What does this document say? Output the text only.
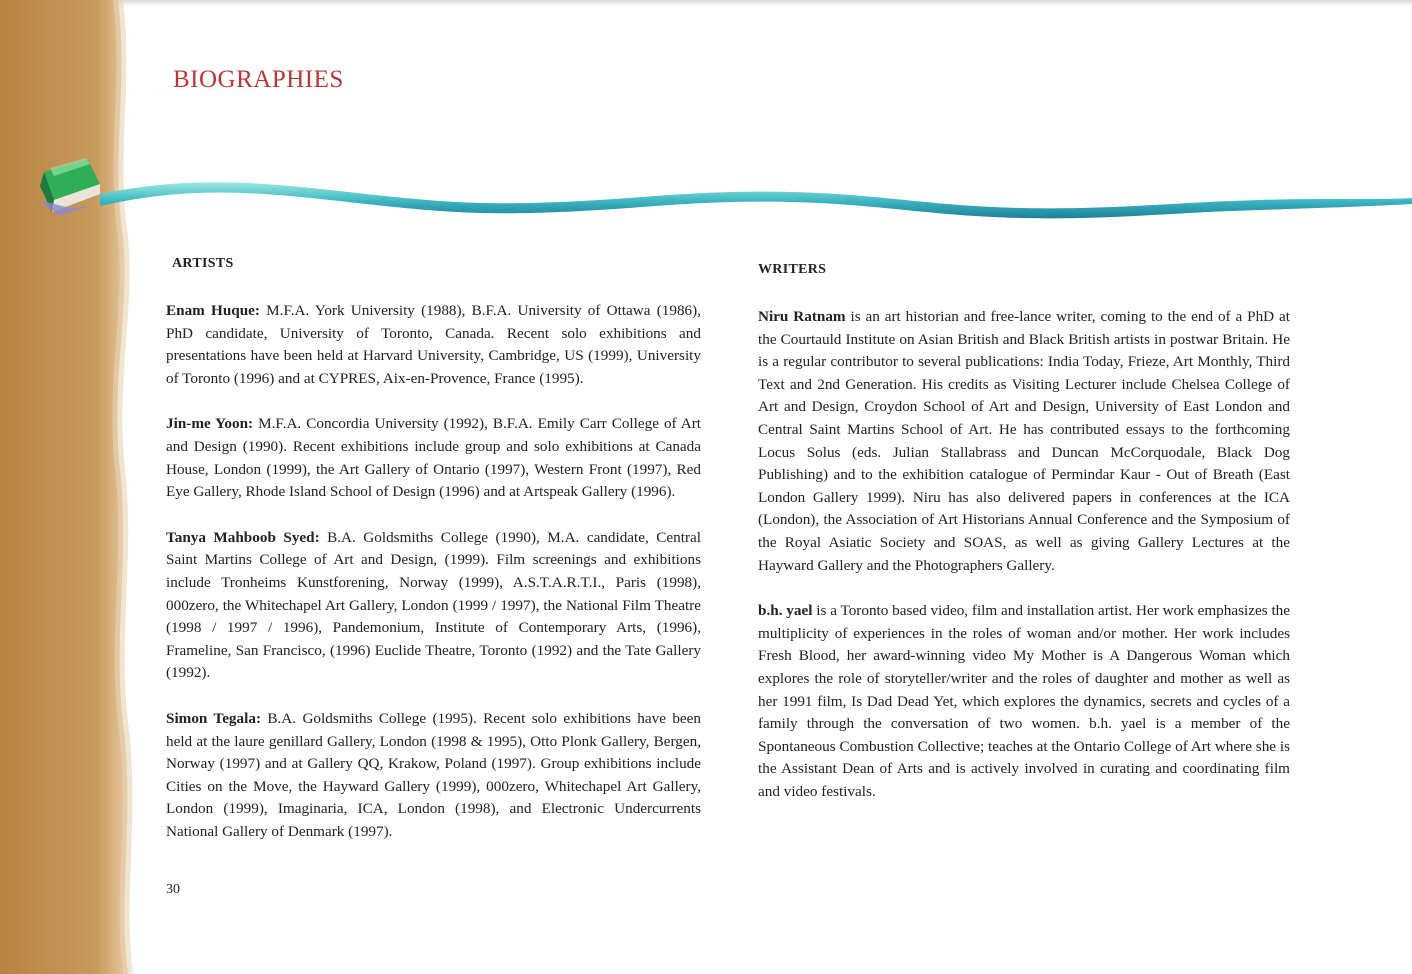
BIOGRAPHIES
ARTISTS

Enam Huque: M.F.A. York University (1988), B.F.A. University of Ottawa (1986), PhD candidate, University of Toronto, Canada. Recent solo exhibitions and presentations have been held at Harvard University, Cambridge, US (1999), University of Toronto (1996) and at CYPRES, Aix-en-Provence, France (1995).

Jin-me Yoon: M.F.A. Concordia University (1992), B.F.A. Emily Carr College of Art and Design (1990). Recent exhibitions include group and solo exhibitions at Canada House, London (1999), the Art Gallery of Ontario (1997), Western Front (1997), Red Eye Gallery, Rhode Island School of Design (1996) and at Artspeak Gallery (1996).

Tanya Mahboob Syed: B.A. Goldsmiths College (1990), M.A. candidate, Central Saint Martins College of Art and Design, (1999). Film screenings and exhibitions include Tronheims Kunstforening, Norway (1999), A.S.T.A.R.T.I., Paris (1998), 000zero, the Whitechapel Art Gallery, London (1999 / 1997), the National Film Theatre (1998 / 1997 / 1996), Pandemonium, Institute of Contemporary Arts, (1996), Frameline, San Francisco, (1996) Euclide Theatre, Toronto (1992) and the Tate Gallery (1992).

Simon Tegala: B.A. Goldsmiths College (1995). Recent solo exhibitions have been held at the laure genillard Gallery, London (1998 & 1995), Otto Plonk Gallery, Bergen, Norway (1997) and at Gallery QQ, Krakow, Poland (1997). Group exhibitions include Cities on the Move, the Hayward Gallery (1999), 000zero, Whitechapel Art Gallery, London (1999), Imaginaria, ICA, London (1998), and Electronic Undercurrents National Gallery of Denmark (1997).

WRITERS

Niru Ratnam is an art historian and free-lance writer, coming to the end of a PhD at the Courtauld Institute on Asian British and Black British artists in postwar Britain. He is a regular contributor to several publications: India Today, Frieze, Art Monthly, Third Text and 2nd Generation. His credits as Visiting Lecturer include Chelsea College of Art and Design, Croydon School of Art and Design, University of East London and Central Saint Martins School of Art. He has contributed essays to the forthcoming Locus Solus (eds. Julian Stallabrass and Duncan McCorquodale, Black Dog Publishing) and to the exhibition catalogue of Permindar Kaur - Out of Breath (East London Gallery 1999). Niru has also delivered papers in conferences at the ICA (London), the Association of Art Historians Annual Conference and the Symposium of the Royal Asiatic Society and SOAS, as well as giving Gallery Lectures at the Hayward Gallery and the Photographers Gallery.

b.h. yael is a Toronto based video, film and installation artist. Her work emphasizes the multiplicity of experiences in the roles of woman and/or mother. Her work includes Fresh Blood, her award-winning video My Mother is A Dangerous Woman which explores the role of storyteller/writer and the roles of daughter and mother as well as her 1991 film, Is Dad Dead Yet, which explores the dynamics, secrets and cycles of a family through the conversation of two women. b.h. yael is a member of the Spontaneous Combustion Collective; teaches at the Ontario College of Art where she is the Assistant Dean of Arts and is actively involved in curating and coordinating film and video festivals.

30
